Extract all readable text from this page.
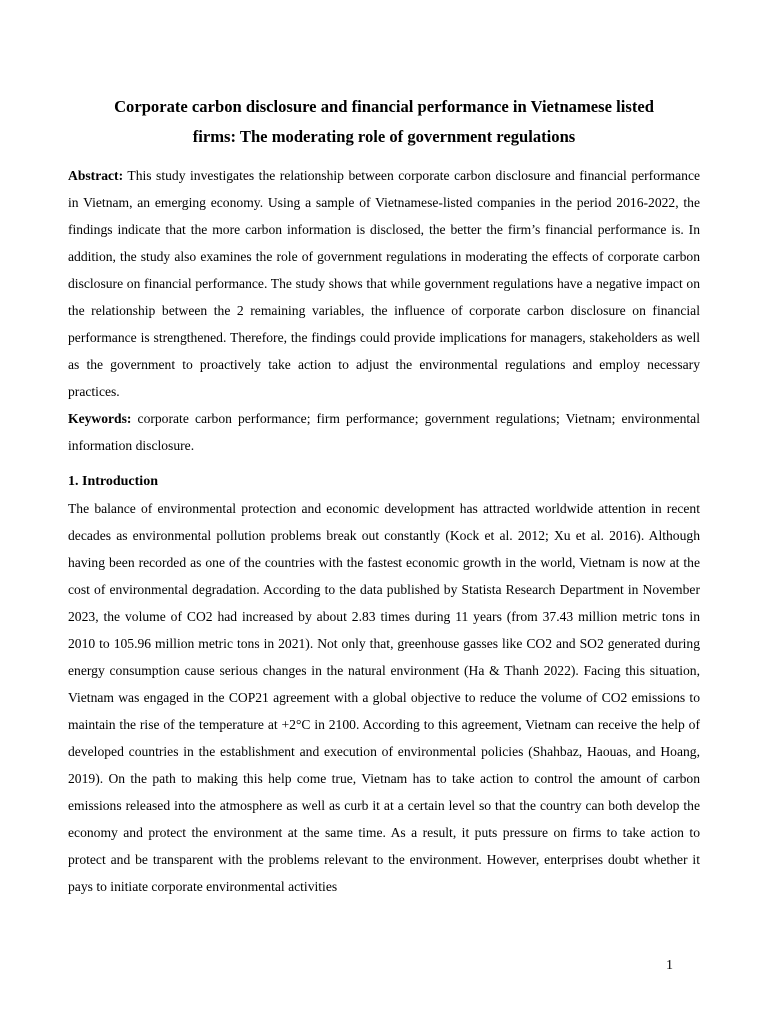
Corporate carbon disclosure and financial performance in Vietnamese listed
firms: The moderating role of government regulations

Abstract: This study investigates the relationship between corporate carbon disclosure and financial performance in Vietnam, an emerging economy. Using a sample of Vietnamese-listed companies in the period 2016-2022, the findings indicate that the more carbon information is disclosed, the better the firm’s financial performance is. In addition, the study also examines the role of government regulations in moderating the effects of corporate carbon disclosure on financial performance. The study shows that while government regulations have a negative impact on the relationship between the 2 remaining variables, the influence of corporate carbon disclosure on financial performance is strengthened. Therefore, the findings could provide implications for managers, stakeholders as well as the government to proactively take action to adjust the environmental regulations and employ necessary practices.

Keywords: corporate carbon performance; firm performance; government regulations; Vietnam; environmental information disclosure.

1. Introduction

The balance of environmental protection and economic development has attracted worldwide attention in recent decades as environmental pollution problems break out constantly (Kock et al. 2012; Xu et al. 2016). Although having been recorded as one of the countries with the fastest economic growth in the world, Vietnam is now at the cost of environmental degradation. According to the data published by Statista Research Department in November 2023, the volume of CO2 had increased by about 2.83 times during 11 years (from 37.43 million metric tons in 2010 to 105.96 million metric tons in 2021). Not only that, greenhouse gasses like CO2 and SO2 generated during energy consumption cause serious changes in the natural environment (Ha & Thanh 2022). Facing this situation, Vietnam was engaged in the COP21 agreement with a global objective to reduce the volume of CO2 emissions to maintain the rise of the temperature at +2°C in 2100. According to this agreement, Vietnam can receive the help of developed countries in the establishment and execution of environmental policies (Shahbaz, Haouas, and Hoang, 2019). On the path to making this help come true, Vietnam has to take action to control the amount of carbon emissions released into the atmosphere as well as curb it at a certain level so that the country can both develop the economy and protect the environment at the same time. As a result, it puts pressure on firms to take action to protect and be transparent with the problems relevant to the environment. However, enterprises doubt whether it pays to initiate corporate environmental activities

1
